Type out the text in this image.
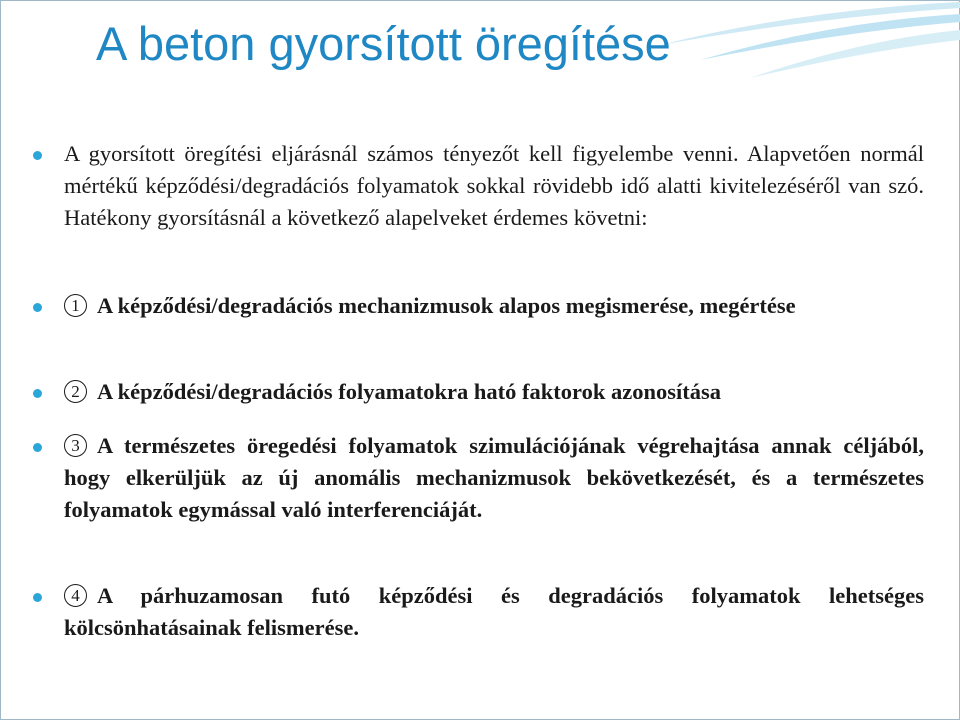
A beton gyorsított öregítése
A gyorsított öregítési eljárásnál számos tényezőt kell figyelembe venni. Alapvetően normál mértékű képződési/degradációs folyamatok sokkal rövidebb idő alatti kivitelezéséről van szó. Hatékony gyorsításnál a következő alapelveket érdemes követni:
1 A képződési/degradációs mechanizmusok alapos megismerése, megértése
2 A képződési/degradációs folyamatokra ható faktorok azonosítása
3 A természetes öregedési folyamatok szimulációjának végrehajtása annak céljából, hogy elkerüljük az új anomális mechanizmusok bekövetkezését, és a természetes folyamatok egymással való interferenciáját.
4 A párhuzamosan futó képződési és degradációs folyamatok lehetséges kölcsönhatásainak felismerése.
